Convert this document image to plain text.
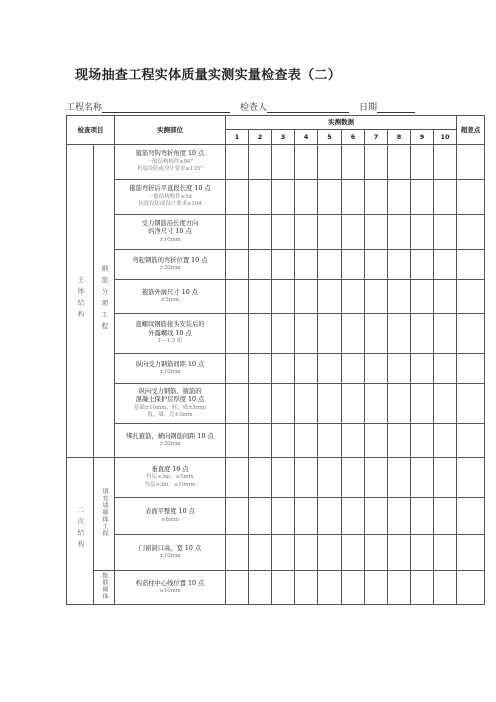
现场抽查工程实体质量实测实量检查表（二）
工程名称	检查人	日期
检查项目		实测部位	实测数据										超差点
			1	2	3	4	5	6	7	8	9	10	
主体结构	钢筋分项工程	箍筋弯钩弯折角度 10 点
一般结构构件≥90°
抗震设防或设计要求≥135°											

		箍筋弯折后平直段长度 10 点
一般结构构件≥5d
抗震设防或设计要求≥10d											

		受力钢筋沿长度方向
的净尺寸 10 点
±10mm											

		弯起钢筋的弯折位置 10 点
±20mm											

		箍筋外廓尺寸 10 点
±5mm											

		直螺纹钢筋接头安装后的
外露螺纹 10 点
1—1.5 扣											

		纵向受力钢筋间距 10 点
±10mm											

		纵向受力钢筋、箍筋的
混凝土保护层厚度 10 点
基础±10mm，柱、梁±5mm
板、墙、壳±3mm											

		绑扎箍筋，横向钢筋间距 10 点
±20mm											

二次结构	填充墙砌体工程	垂直度 10 点
每层≤3m：≤5mm
每层>3m：≤10mm											

		表面平整度 10 点
≤8mm											

		门窗洞口高、宽 10 点
±10mm											

	配筋砌体	构造柱中心线位置 10 点
≤10mm											
